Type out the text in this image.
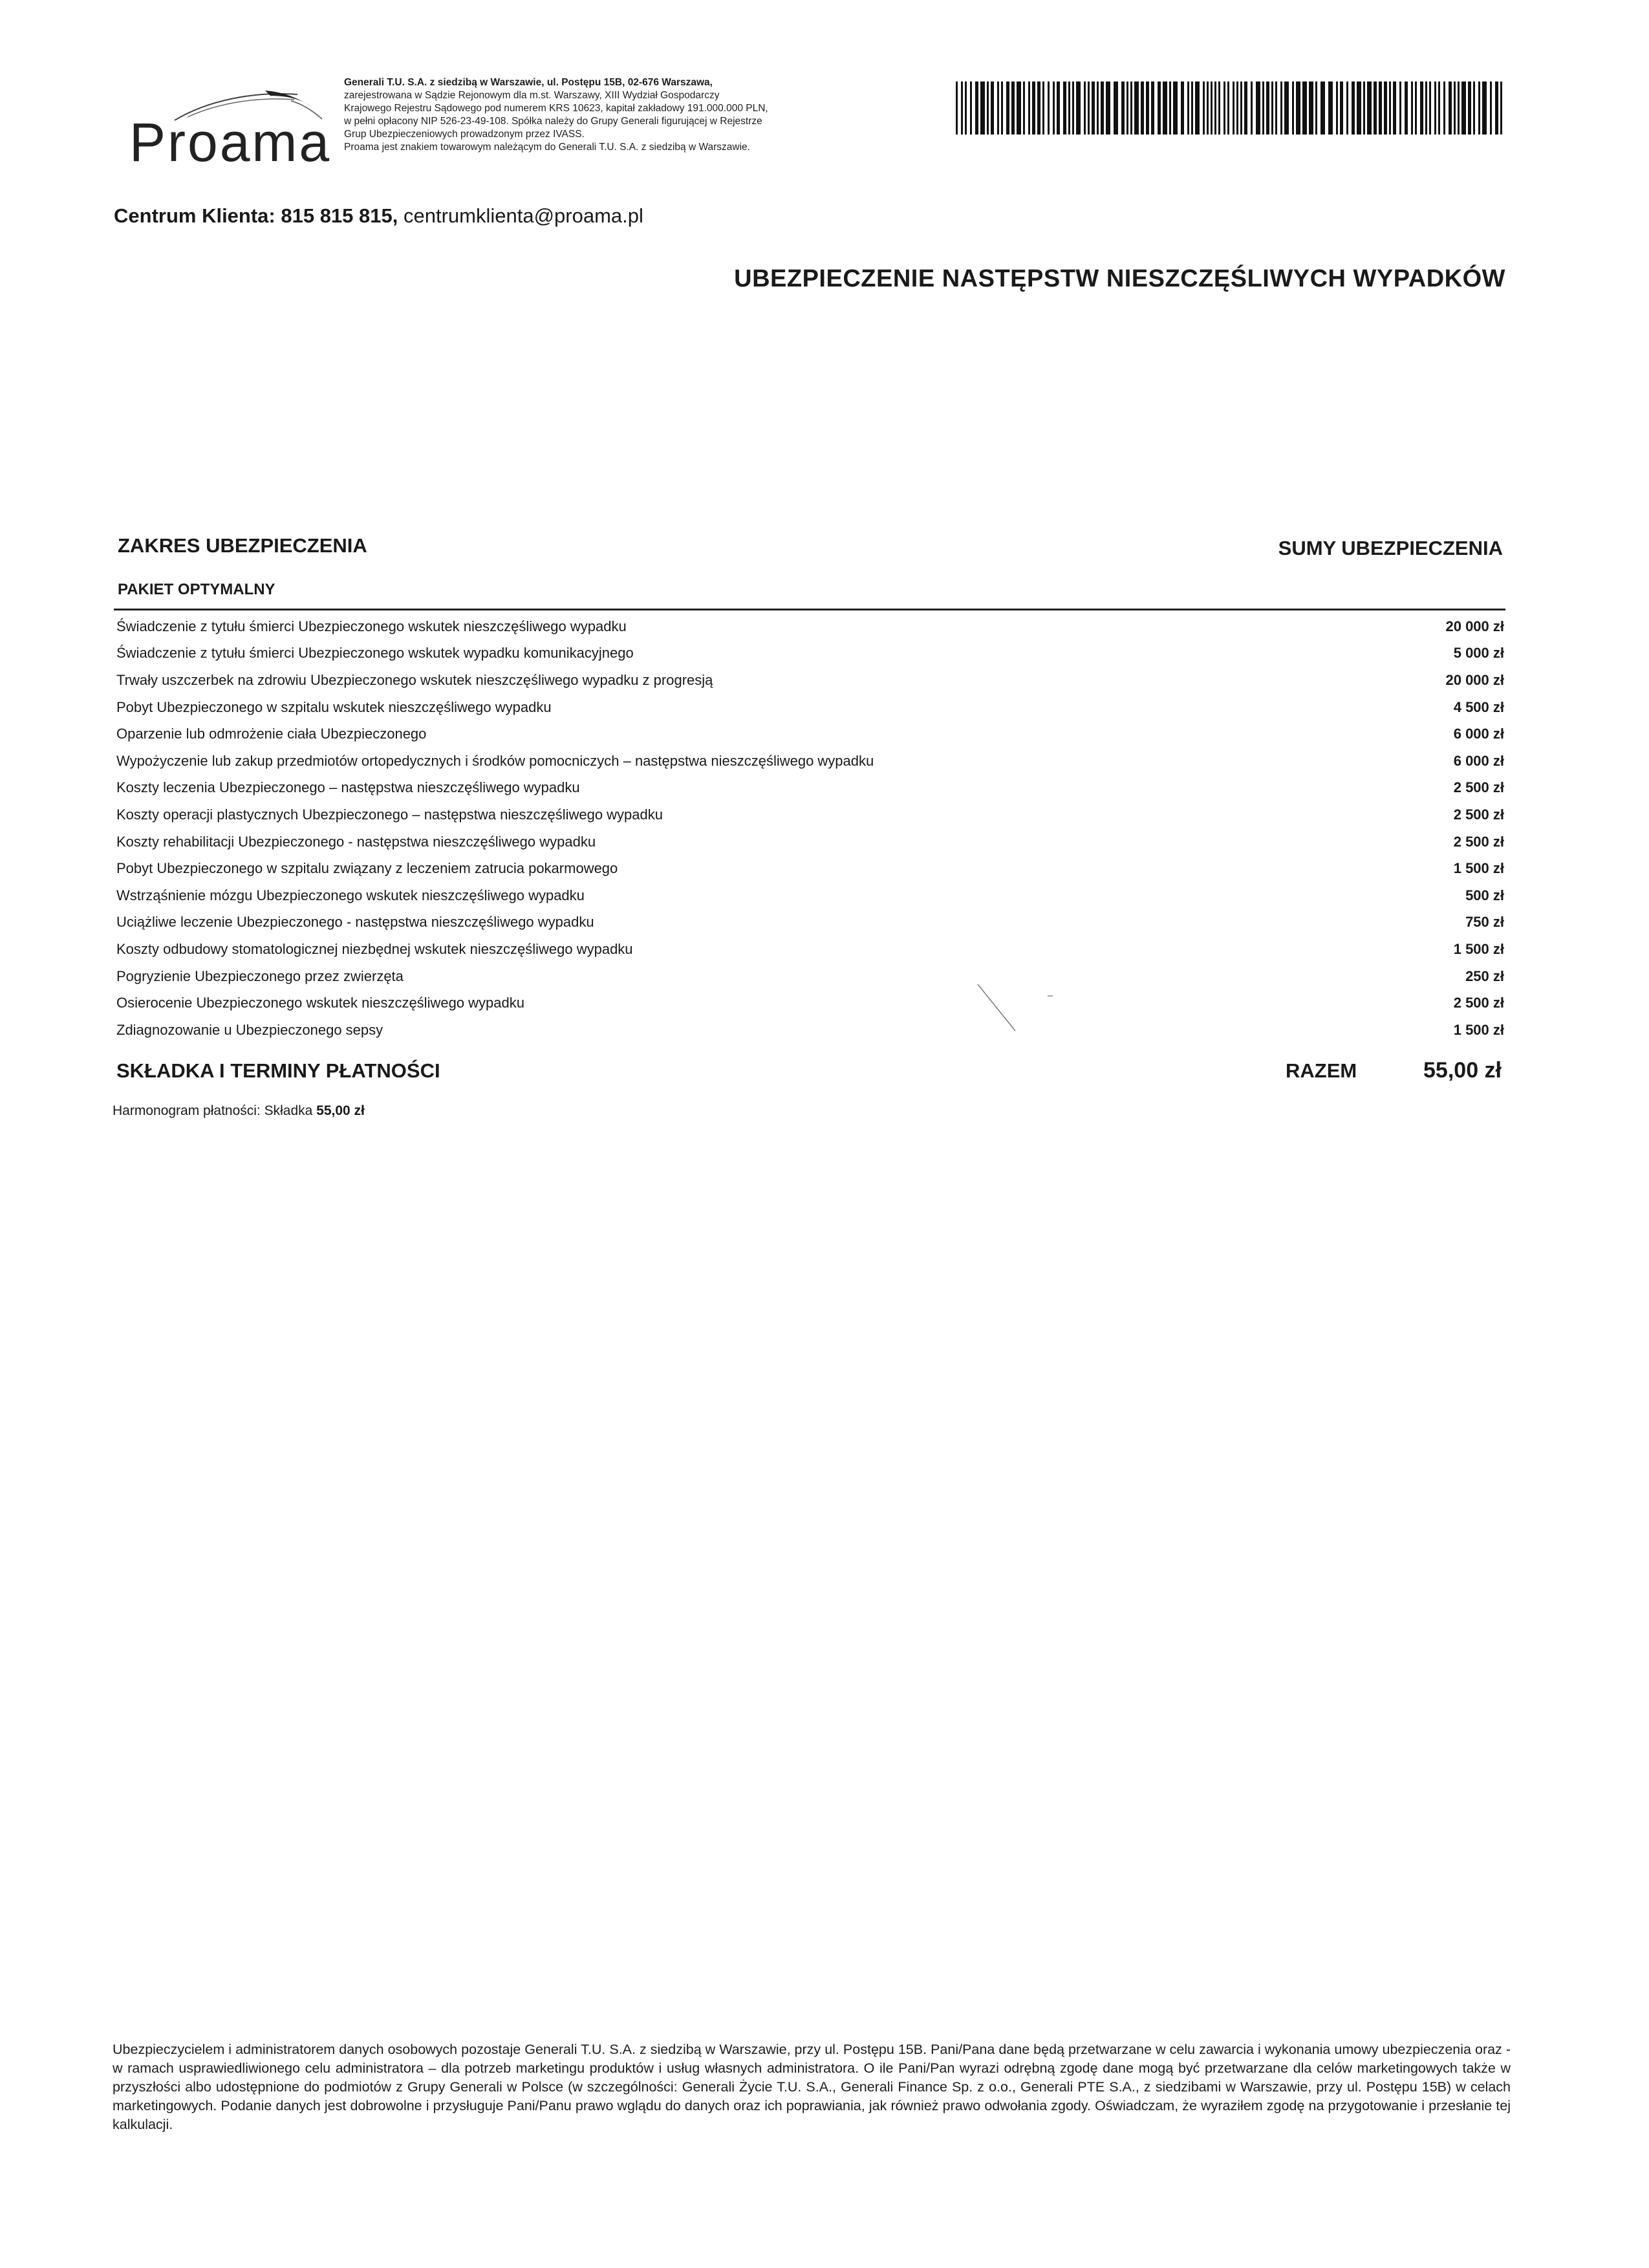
Proama

Generali T.U. S.A. z siedzibą w Warszawie, ul. Postępu 15B, 02-676 Warszawa,

zarejestrowana w Sądzie Rejonowym dla m.st. Warszawy, XIII Wydział Gospodarczy

Krajowego Rejestru Sądowego pod numerem KRS 10623, kapitał zakładowy 191.000.000 PLN,

w pełni opłacony NIP 526-23-49-108. Spółka należy do Grupy Generali figurującej w Rejestrze

Grup Ubezpieczeniowych prowadzonym przez IVASS.

Proama jest znakiem towarowym należącym do Generali T.U. S.A. z siedzibą w Warszawie.

Centrum Klienta: 815 815 815, centrumklienta@proama.pl
UBEZPIECZENIE NASTĘPSTW NIESZCZĘŚLIWYCH WYPADKÓW
ZAKRES UBEZPIECZENIA	SUMY UBEZPIECZENIA
PAKIET OPTYMALNY
Świadczenie z tytułu śmierci Ubezpieczonego wskutek nieszczęśliwego wypadku	20 000 zł
Świadczenie z tytułu śmierci Ubezpieczonego wskutek wypadku komunikacyjnego	5 000 zł
Trwały uszczerbek na zdrowiu Ubezpieczonego wskutek nieszczęśliwego wypadku z progresją	20 000 zł
Pobyt Ubezpieczonego w szpitalu wskutek nieszczęśliwego wypadku	4 500 zł
Oparzenie lub odmrożenie ciała Ubezpieczonego	6 000 zł
Wypożyczenie lub zakup przedmiotów ortopedycznych i środków pomocniczych – następstwa nieszczęśliwego wypadku	6 000 zł
Koszty leczenia Ubezpieczonego – następstwa nieszczęśliwego wypadku	2 500 zł
Koszty operacji plastycznych Ubezpieczonego – następstwa nieszczęśliwego wypadku	2 500 zł
Koszty rehabilitacji Ubezpieczonego - następstwa nieszczęśliwego wypadku	2 500 zł
Pobyt Ubezpieczonego w szpitalu związany z leczeniem zatrucia pokarmowego	1 500 zł
Wstrząśnienie mózgu Ubezpieczonego wskutek nieszczęśliwego wypadku	500 zł
Uciążliwe leczenie Ubezpieczonego - następstwa nieszczęśliwego wypadku	750 zł
Koszty odbudowy stomatologicznej niezbędnej wskutek nieszczęśliwego wypadku	1 500 zł
Pogryzienie Ubezpieczonego przez zwierzęta	250 zł
Osierocenie Ubezpieczonego wskutek nieszczęśliwego wypadku	2 500 zł
Zdiagnozowanie u Ubezpieczonego sepsy	1 500 zł
SKŁADKA I TERMINY PŁATNOŚCI	RAZEM	55,00 zł
Harmonogram płatności: Składka 55,00 zł

Ubezpieczycielem i administratorem danych osobowych pozostaje Generali T.U. S.A. z siedzibą w Warszawie, przy ul. Postępu 15B. Pani/Pana dane będą przetwarzane w celu zawarcia i wykonania umowy ubezpieczenia oraz - w ramach usprawiedliwionego celu administratora – dla potrzeb marketingu produktów i usług własnych administratora. O ile Pani/Pan wyrazi odrębną zgodę dane mogą być przetwarzane dla celów marketingowych także w przyszłości albo udostępnione do podmiotów z Grupy Generali w Polsce (w szczególności: Generali Życie T.U. S.A., Generali Finance Sp. z o.o., Generali PTE S.A., z siedzibami w Warszawie, przy ul. Postępu 15B) w celach marketingowych. Podanie danych jest dobrowolne i przysługuje Pani/Panu prawo wglądu do danych oraz ich poprawiania, jak również prawo odwołania zgody. Oświadczam, że wyraziłem zgodę na przygotowanie i przesłanie tej kalkulacji.
